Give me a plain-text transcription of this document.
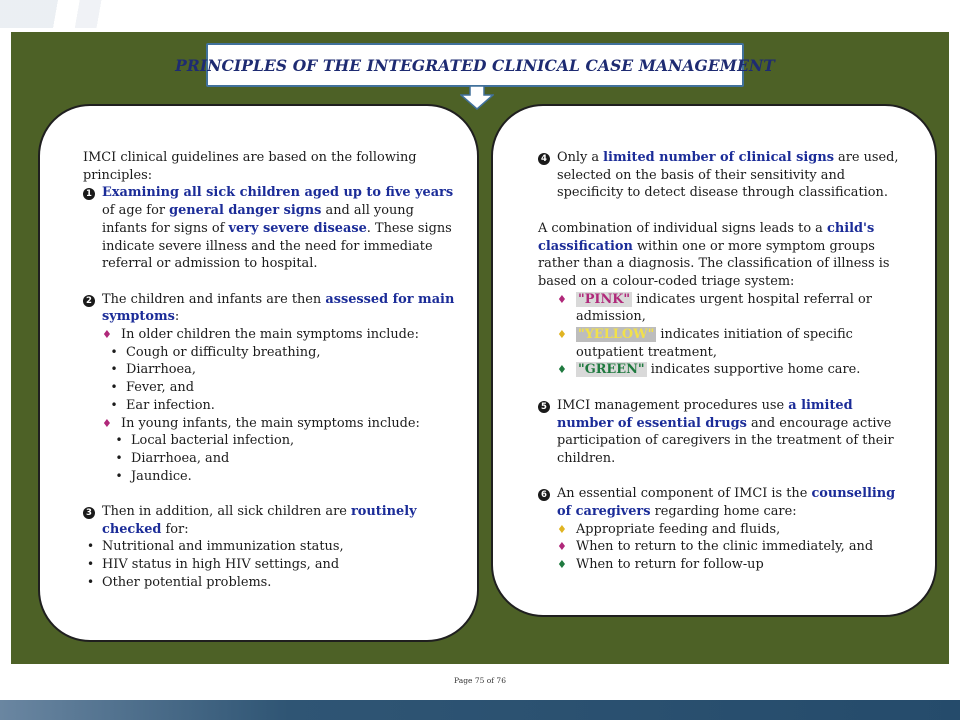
PRINCIPLES OF THE INTEGRATED CLINICAL CASE MANAGEMENT

IMCI clinical guidelines are based on the following principles:

1 Examining all sick children aged up to five years of age for general danger signs and all young infants for signs of very severe disease. These signs indicate severe illness and the need for immediate referral or admission to hospital.

2 The children and infants are then assessed for main symptoms:

♦ In older children the main symptoms include:
• Cough or difficulty breathing,
• Diarrhoea,
• Fever, and
• Ear infection.
♦ In young infants, the main symptoms include:
• Local bacterial infection,
• Diarrhoea, and
• Jaundice.
3 Then in addition, all sick children are routinely checked for:

• Nutritional and immunization status,
• HIV status in high HIV settings, and
• Other potential problems.
4 Only a limited number of clinical signs are used, selected on the basis of their sensitivity and specificity to detect disease through classification.

A combination of individual signs leads to a child's classification within one or more symptom groups rather than a diagnosis. The classification of illness is based on a colour-coded triage system:

♦ "PINK" indicates urgent hospital referral or admission,
♦ "YELLOW" indicates initiation of specific outpatient treatment,
♦ "GREEN" indicates supportive home care.
5 IMCI management procedures use a limited number of essential drugs and encourage active participation of caregivers in the treatment of their children.

6 An essential component of IMCI is the counselling of caregivers regarding home care:

♦ Appropriate feeding and fluids,
♦ When to return to the clinic immediately, and
♦ When to return for follow-up
Page 75 of 76
